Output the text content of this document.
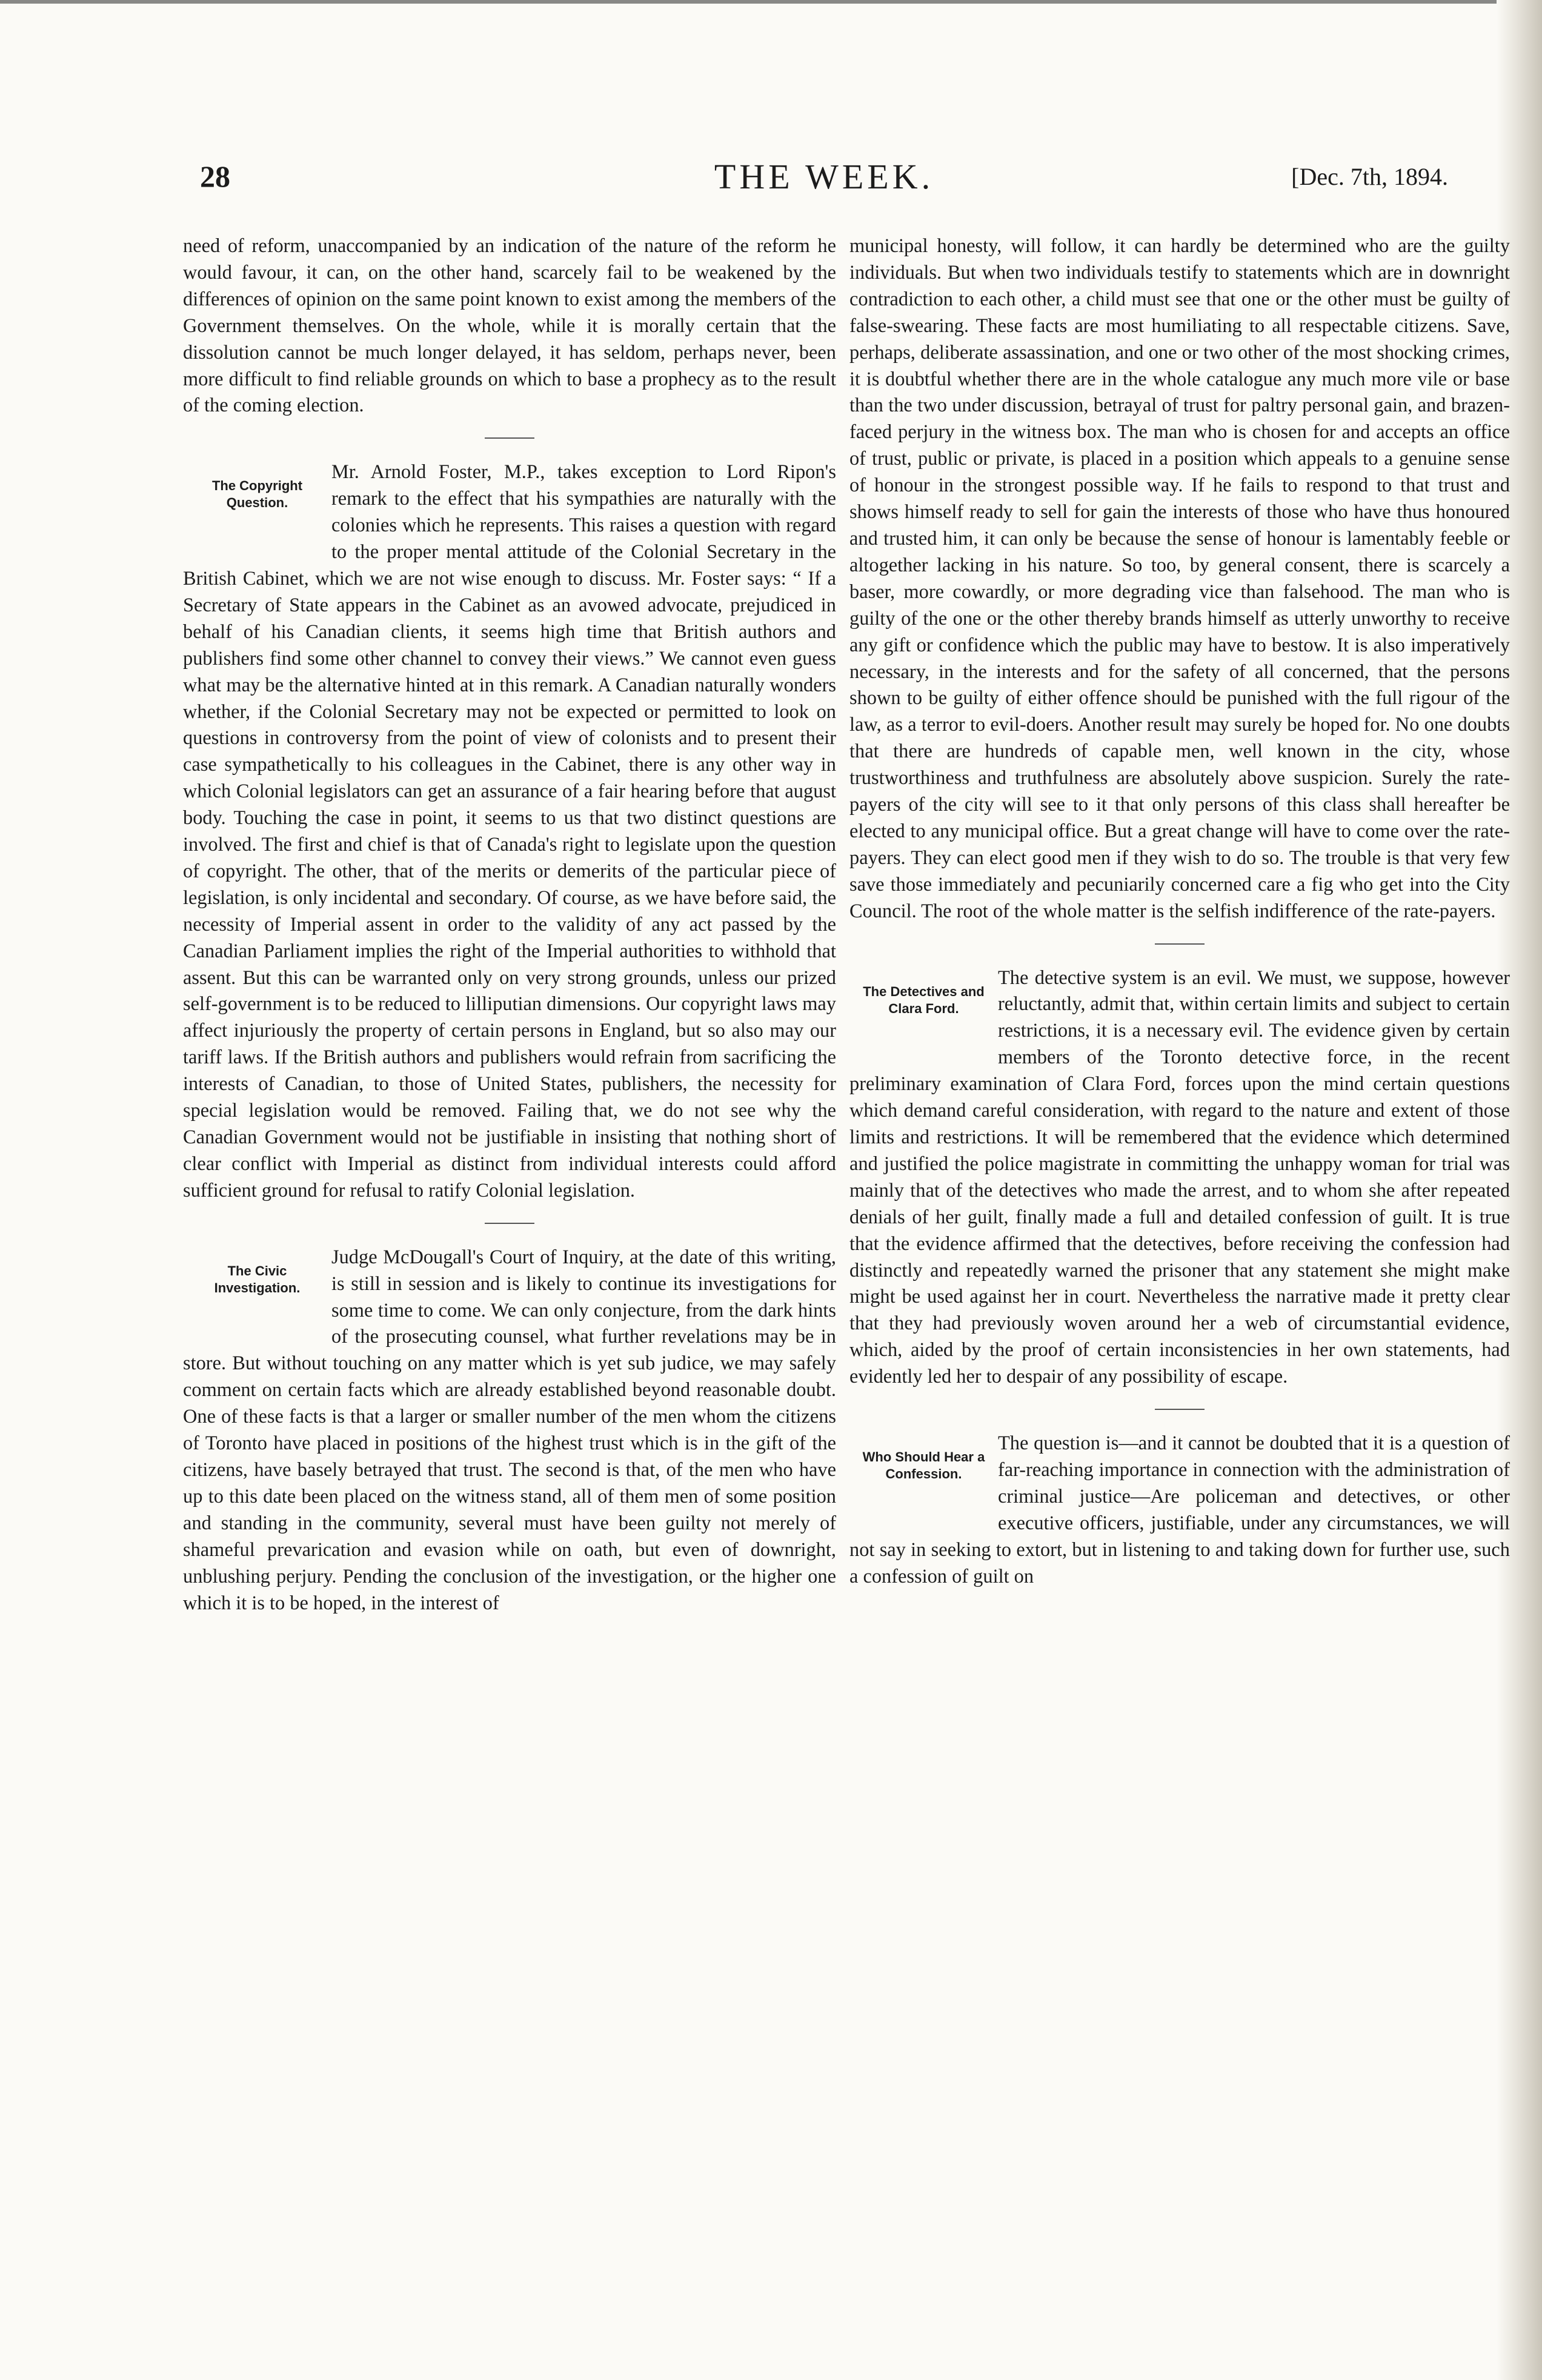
28	THE WEEK.	[Dec. 7th, 1894.

need of reform, unaccompanied by an indication of the nature of the reform he would favour, it can, on the other hand, scarcely fail to be weakened by the differences of opinion on the same point known to exist among the members of the Government themselves. On the whole, while it is morally certain that the dissolution cannot be much longer delayed, it has seldom, perhaps never, been more difficult to find reliable grounds on which to base a prophecy as to the result of the coming election.

The Copyright Question.

Mr. Arnold Foster, M.P., takes exception to Lord Ripon's remark to the effect that his sympathies are naturally with the colonies which he represents. This raises a question with regard to the proper mental attitude of the Colonial Secretary in the British Cabinet, which we are not wise enough to discuss. Mr. Foster says: “ If a Secretary of State appears in the Cabinet as an avowed advocate, prejudiced in behalf of his Canadian clients, it seems high time that British authors and publishers find some other channel to convey their views.” We cannot even guess what may be the alternative hinted at in this remark. A Canadian naturally wonders whether, if the Colonial Secretary may not be expected or permitted to look on questions in controversy from the point of view of colonists and to present their case sympathetically to his colleagues in the Cabinet, there is any other way in which Colonial legislators can get an assurance of a fair hearing before that august body. Touching the case in point, it seems to us that two distinct questions are involved. The first and chief is that of Canada's right to legislate upon the question of copyright. The other, that of the merits or demerits of the particular piece of legislation, is only incidental and secondary. Of course, as we have before said, the necessity of Imperial assent in order to the validity of any act passed by the Canadian Parliament implies the right of the Imperial authorities to withhold that assent. But this can be warranted only on very strong grounds, unless our prized self-government is to be reduced to lilliputian dimensions. Our copyright laws may affect injuriously the property of certain persons in England, but so also may our tariff laws. If the British authors and publishers would refrain from sacrificing the interests of Canadian, to those of United States, publishers, the necessity for special legislation would be removed. Failing that, we do not see why the Canadian Government would not be justifiable in insisting that nothing short of clear conflict with Imperial as distinct from individual interests could afford sufficient ground for refusal to ratify Colonial legislation.

The Civic Investigation.

Judge McDougall's Court of Inquiry, at the date of this writing, is still in session and is likely to continue its investigations for some time to come. We can only conjecture, from the dark hints of the prosecuting counsel, what further revelations may be in store. But without touching on any matter which is yet sub judice, we may safely comment on certain facts which are already established beyond reasonable doubt. One of these facts is that a larger or smaller number of the men whom the citizens of Toronto have placed in positions of the highest trust which is in the gift of the citizens, have basely betrayed that trust. The second is that, of the men who have up to this date been placed on the witness stand, all of them men of some position and standing in the community, several must have been guilty not merely of shameful prevarication and evasion while on oath, but even of downright, unblushing perjury. Pending the conclusion of the investigation, or the higher one which it is to be hoped, in the interest of

municipal honesty, will follow, it can hardly be determined who are the guilty individuals. But when two individuals testify to statements which are in downright contradiction to each other, a child must see that one or the other must be guilty of false-swearing. These facts are most humiliating to all respectable citizens. Save, perhaps, deliberate assassination, and one or two other of the most shocking crimes, it is doubtful whether there are in the whole catalogue any much more vile or base than the two under discussion, betrayal of trust for paltry personal gain, and brazen-faced perjury in the witness box. The man who is chosen for and accepts an office of trust, public or private, is placed in a position which appeals to a genuine sense of honour in the strongest possible way. If he fails to respond to that trust and shows himself ready to sell for gain the interests of those who have thus honoured and trusted him, it can only be because the sense of honour is lamentably feeble or altogether lacking in his nature. So too, by general consent, there is scarcely a baser, more cowardly, or more degrading vice than falsehood. The man who is guilty of the one or the other thereby brands himself as utterly unworthy to receive any gift or confidence which the public may have to bestow. It is also imperatively necessary, in the interests and for the safety of all concerned, that the persons shown to be guilty of either offence should be punished with the full rigour of the law, as a terror to evil-doers. Another result may surely be hoped for. No one doubts that there are hundreds of capable men, well known in the city, whose trustworthiness and truthfulness are absolutely above suspicion. Surely the rate-payers of the city will see to it that only persons of this class shall hereafter be elected to any municipal office. But a great change will have to come over the rate-payers. They can elect good men if they wish to do so. The trouble is that very few save those immediately and pecuniarily concerned care a fig who get into the City Council. The root of the whole matter is the selfish indifference of the rate-payers.

The Detectives and Clara Ford.

The detective system is an evil. We must, we suppose, however reluctantly, admit that, within certain limits and subject to certain restrictions, it is a necessary evil. The evidence given by certain members of the Toronto detective force, in the recent preliminary examination of Clara Ford, forces upon the mind certain questions which demand careful consideration, with regard to the nature and extent of those limits and restrictions. It will be remembered that the evidence which determined and justified the police magistrate in committing the unhappy woman for trial was mainly that of the detectives who made the arrest, and to whom she after repeated denials of her guilt, finally made a full and detailed confession of guilt. It is true that the evidence affirmed that the detectives, before receiving the confession had distinctly and repeatedly warned the prisoner that any statement she might make might be used against her in court. Nevertheless the narrative made it pretty clear that they had previously woven around her a web of circumstantial evidence, which, aided by the proof of certain inconsistencies in her own statements, had evidently led her to despair of any possibility of escape.

Who Should Hear a Confession.

The question is—and it cannot be doubted that it is a question of far-reaching importance in connection with the administration of criminal justice—Are policeman and detectives, or other executive officers, justifiable, under any circumstances, we will not say in seeking to extort, but in listening to and taking down for further use, such a confession of guilt on
